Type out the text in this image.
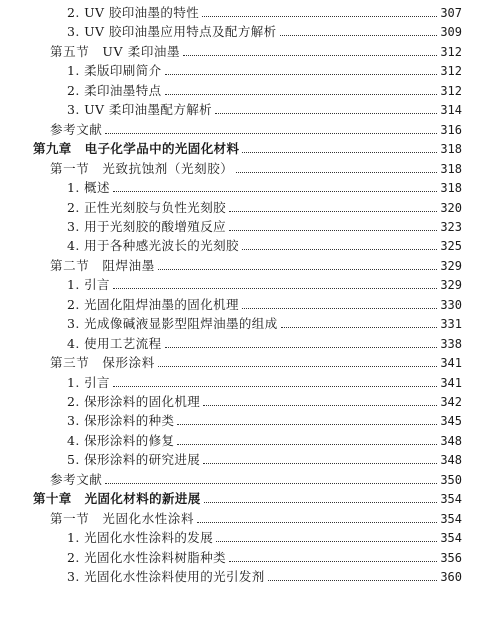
2. UV 胶印油墨的特性	307
3. UV 胶印油墨应用特点及配方解析	309
第五节　UV 柔印油墨	312
1. 柔版印刷简介	312
2. 柔印油墨特点	312
3. UV 柔印油墨配方解析	314
参考文献	316
第九章　电子化学品中的光固化材料	318
第一节　光致抗蚀剂（光刻胶）	318
1. 概述	318
2. 正性光刻胶与负性光刻胶	320
3. 用于光刻胶的酸增殖反应	323
4. 用于各种感光波长的光刻胶	325
第二节　阻焊油墨	329
1. 引言	329
2. 光固化阻焊油墨的固化机理	330
3. 光成像碱液显影型阻焊油墨的组成	331
4. 使用工艺流程	338
第三节　保形涂料	341
1. 引言	341
2. 保形涂料的固化机理	342
3. 保形涂料的种类	345
4. 保形涂料的修复	348
5. 保形涂料的研究进展	348
参考文献	350
第十章　光固化材料的新进展	354
第一节　光固化水性涂料	354
1. 光固化水性涂料的发展	354
2. 光固化水性涂料树脂种类	356
3. 光固化水性涂料使用的光引发剂	360
